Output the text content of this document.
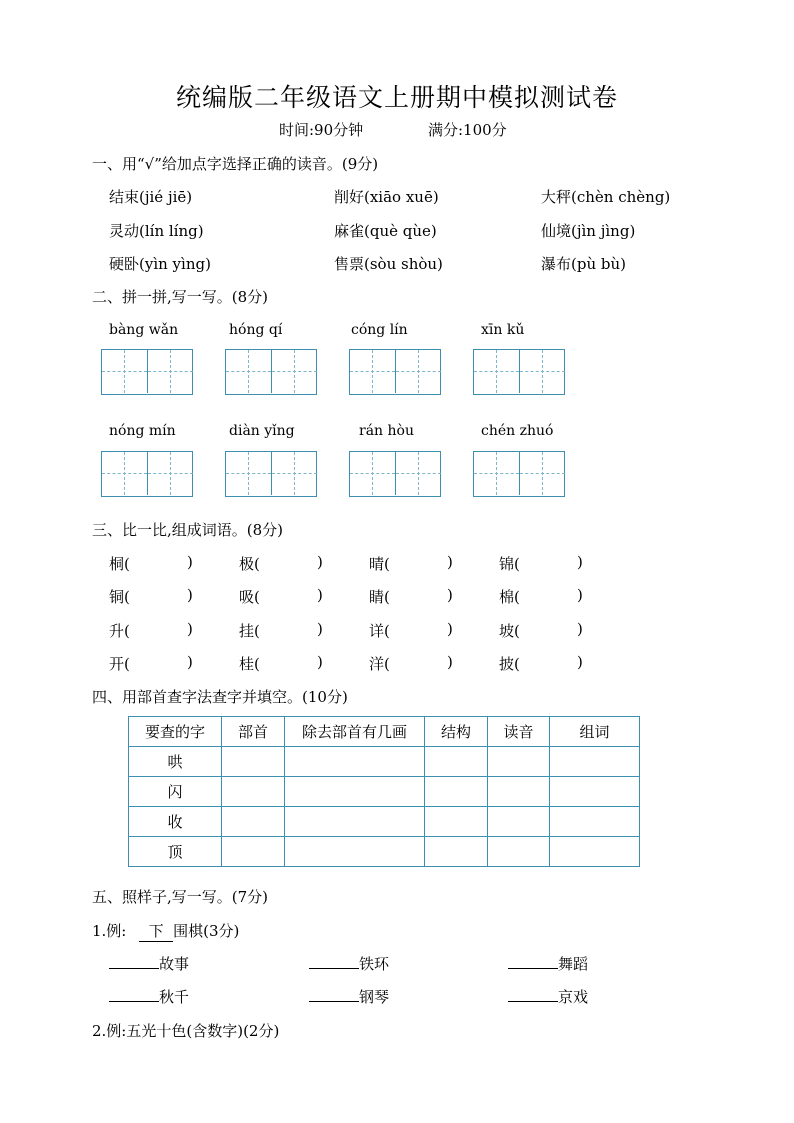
统编版二年级语文上册期中模拟测试卷
时间:90分钟	满分:100分
一、用“√”给加点字选择正确的读音。(9分)
结束(jié jiē)	削好(xiāo xuē)	大秤(chèn chèng)
灵动(lín líng)	麻雀(què qùe)	仙境(jìn jìng)
硬卧(yìn yìng)	售票(sòu shòu)	瀑布(pù bù)
二、拼一拼,写一写。(8分)
bàng wǎn	hóng qí	cóng lín	xīn kǔ
nóng mín	diàn yǐng	rán hòu	chén zhuó
三、比一比,组成词语。(8分)
桐(	)	极(	)	晴(	)	锦(	)
铜(	)	吸(	)	睛(	)	棉(	)
升(	)	挂(	)	详(	)	坡(	)
开(	)	桂(	)	洋(	)	披(	)
四、用部首查字法查字并填空。(10分)
要查的字	部首	除去部首有几画	结构	读音	组词
哄					
闪					
收					
顶					
五、照样子,写一写。(7分)
1.例: 下 围棋(3分)
故事	铁环	舞蹈
秋千	钢琴	京戏
2.例:五光十色(含数字)(2分)
